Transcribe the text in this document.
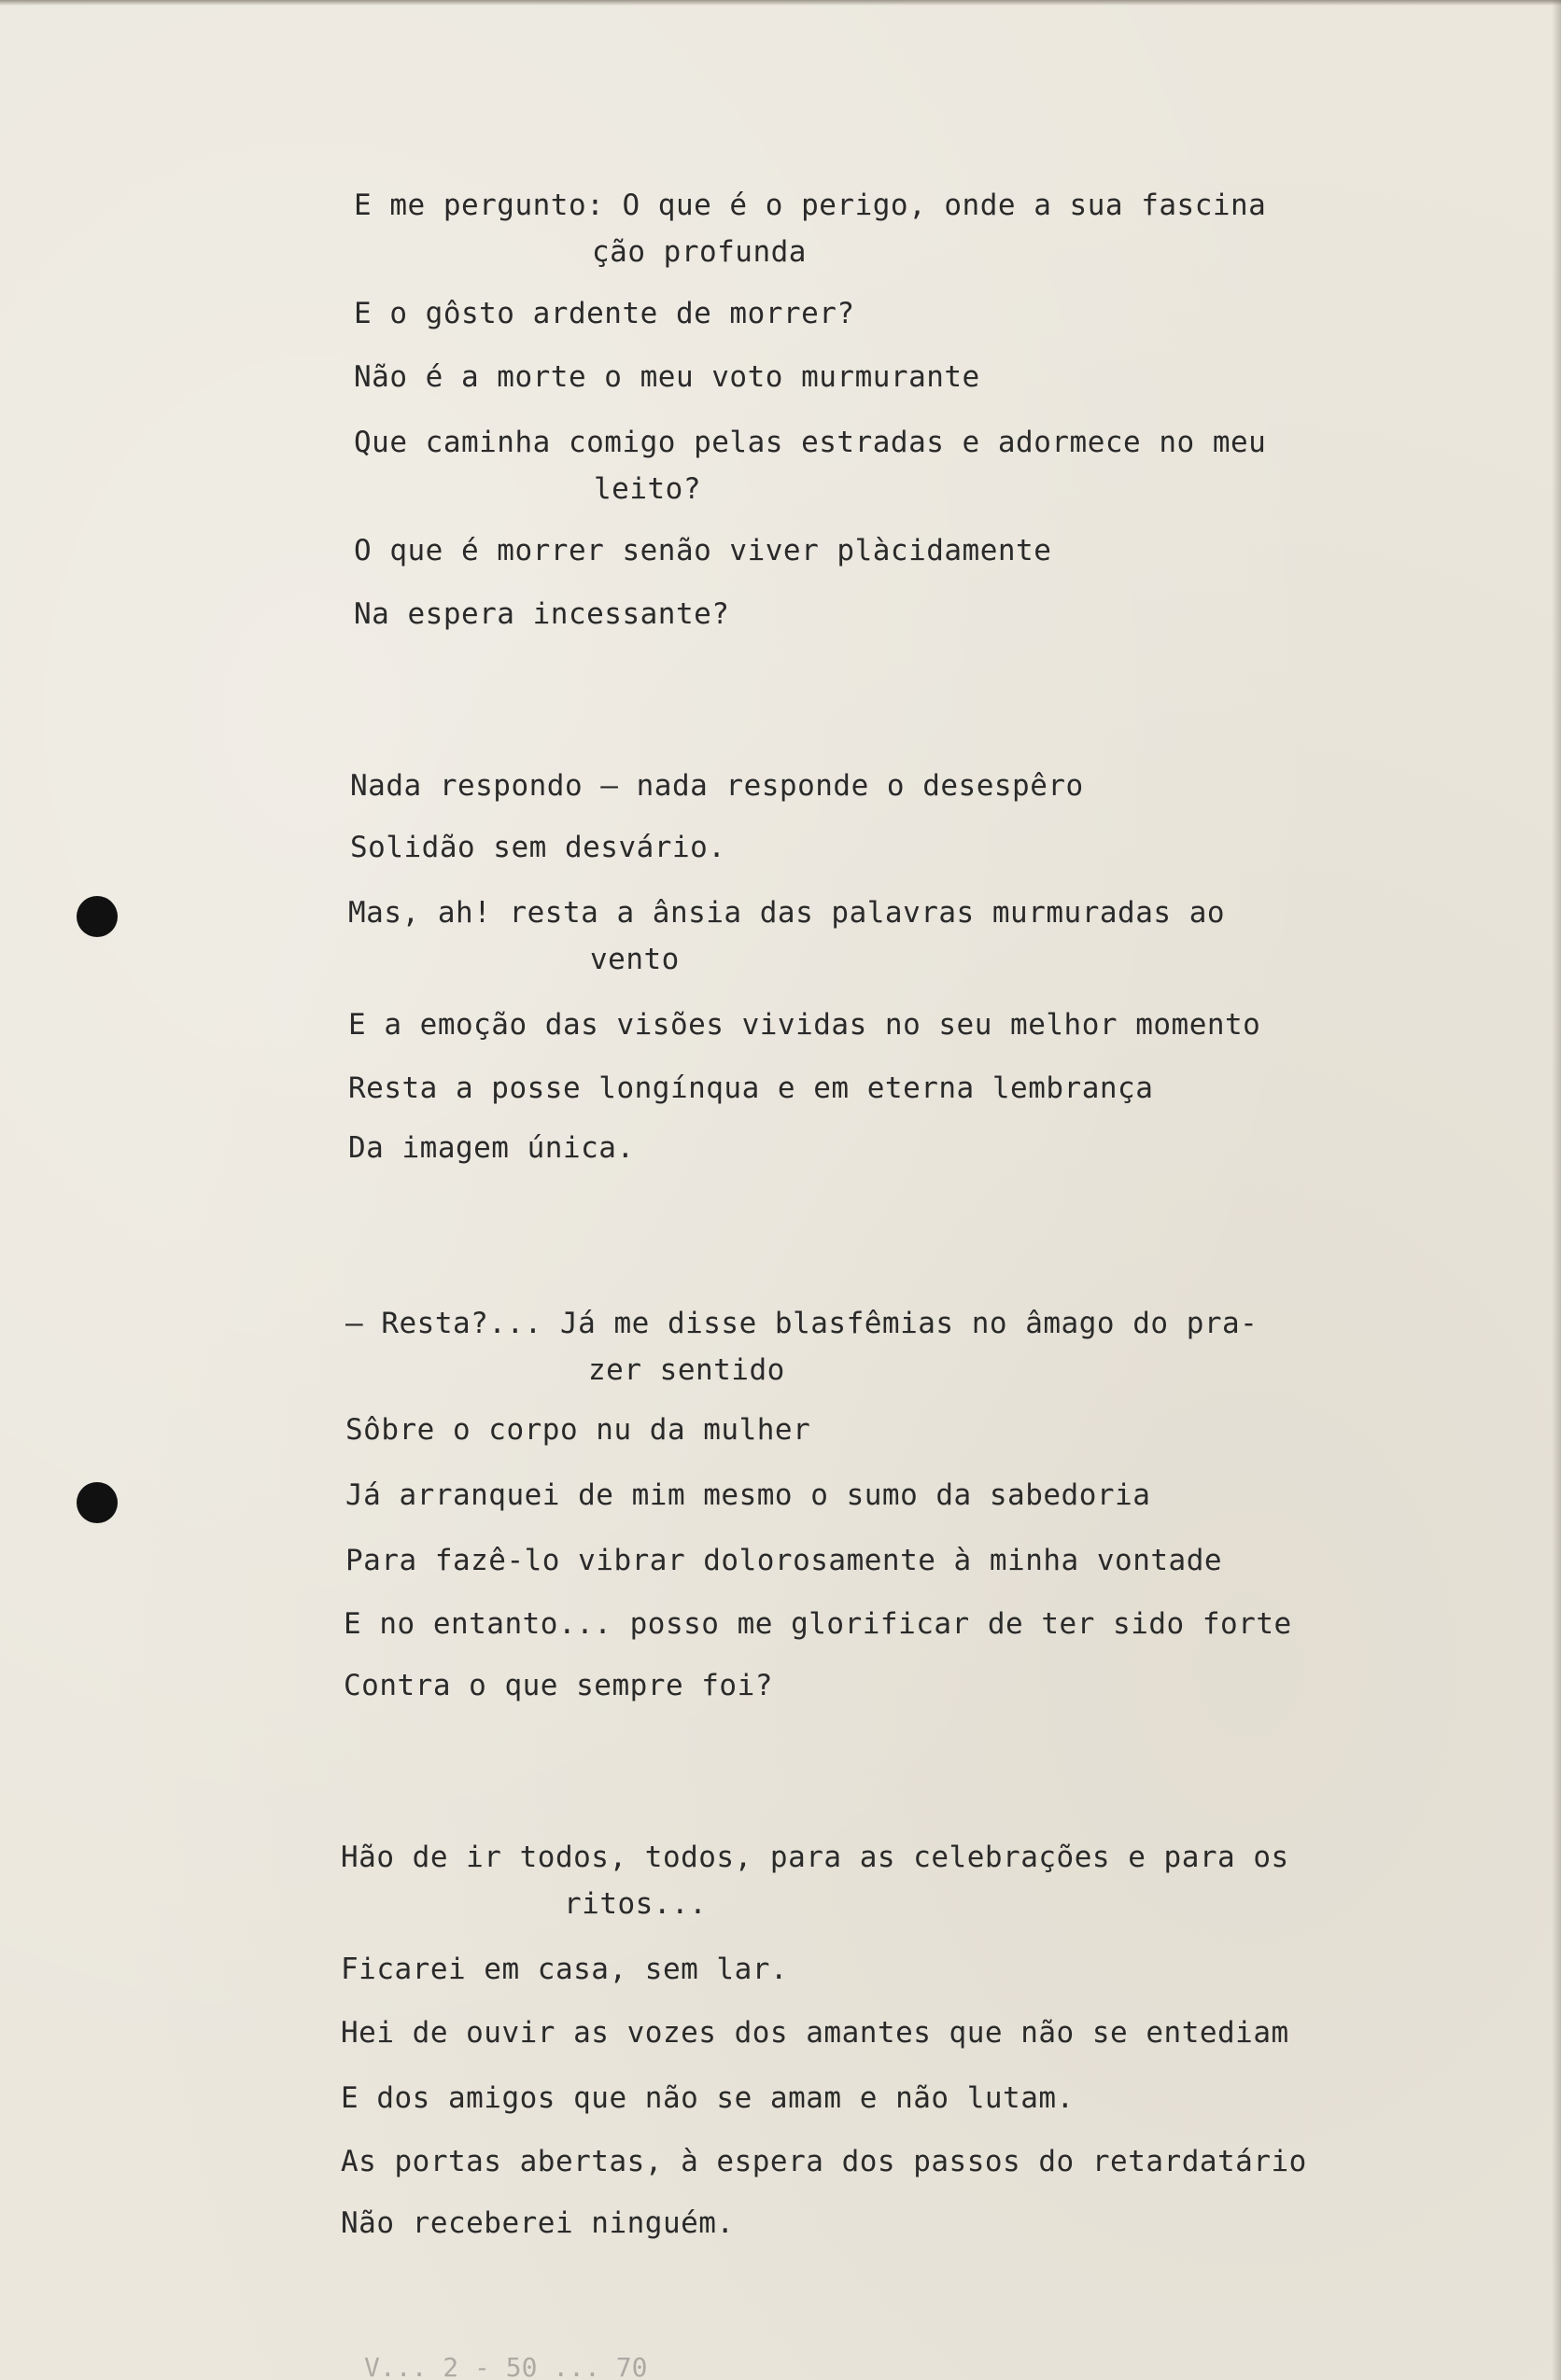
E me pergunto: O que é o perigo, onde a sua fascina

ção profunda

E o gôsto ardente de morrer?

Não é a morte o meu voto murmurante

Que caminha comigo pelas estradas e adormece no meu

leito?

O que é morrer senão viver plàcidamente

Na espera incessante?

Nada respondo — nada responde o desespêro

Solidão sem desvário.

Mas, ah! resta a ânsia das palavras murmuradas ao

vento

E a emoção das visões vividas no seu melhor momento

Resta a posse longínqua e em eterna lembrança

Da imagem única.

— Resta?... Já me disse blasfêmias no âmago do pra-

zer sentido

Sôbre o corpo nu da mulher

Já arranquei de mim mesmo o sumo da sabedoria

Para fazê-lo vibrar dolorosamente à minha vontade

E no entanto... posso me glorificar de ter sido forte

Contra o que sempre foi?

Hão de ir todos, todos, para as celebrações e para os

ritos...

Ficarei em casa, sem lar.

Hei de ouvir as vozes dos amantes que não se entediam

E dos amigos que não se amam e não lutam.

As portas abertas, à espera dos passos do retardatário

Não receberei ninguém.

V... 2 - 50 ... 70
